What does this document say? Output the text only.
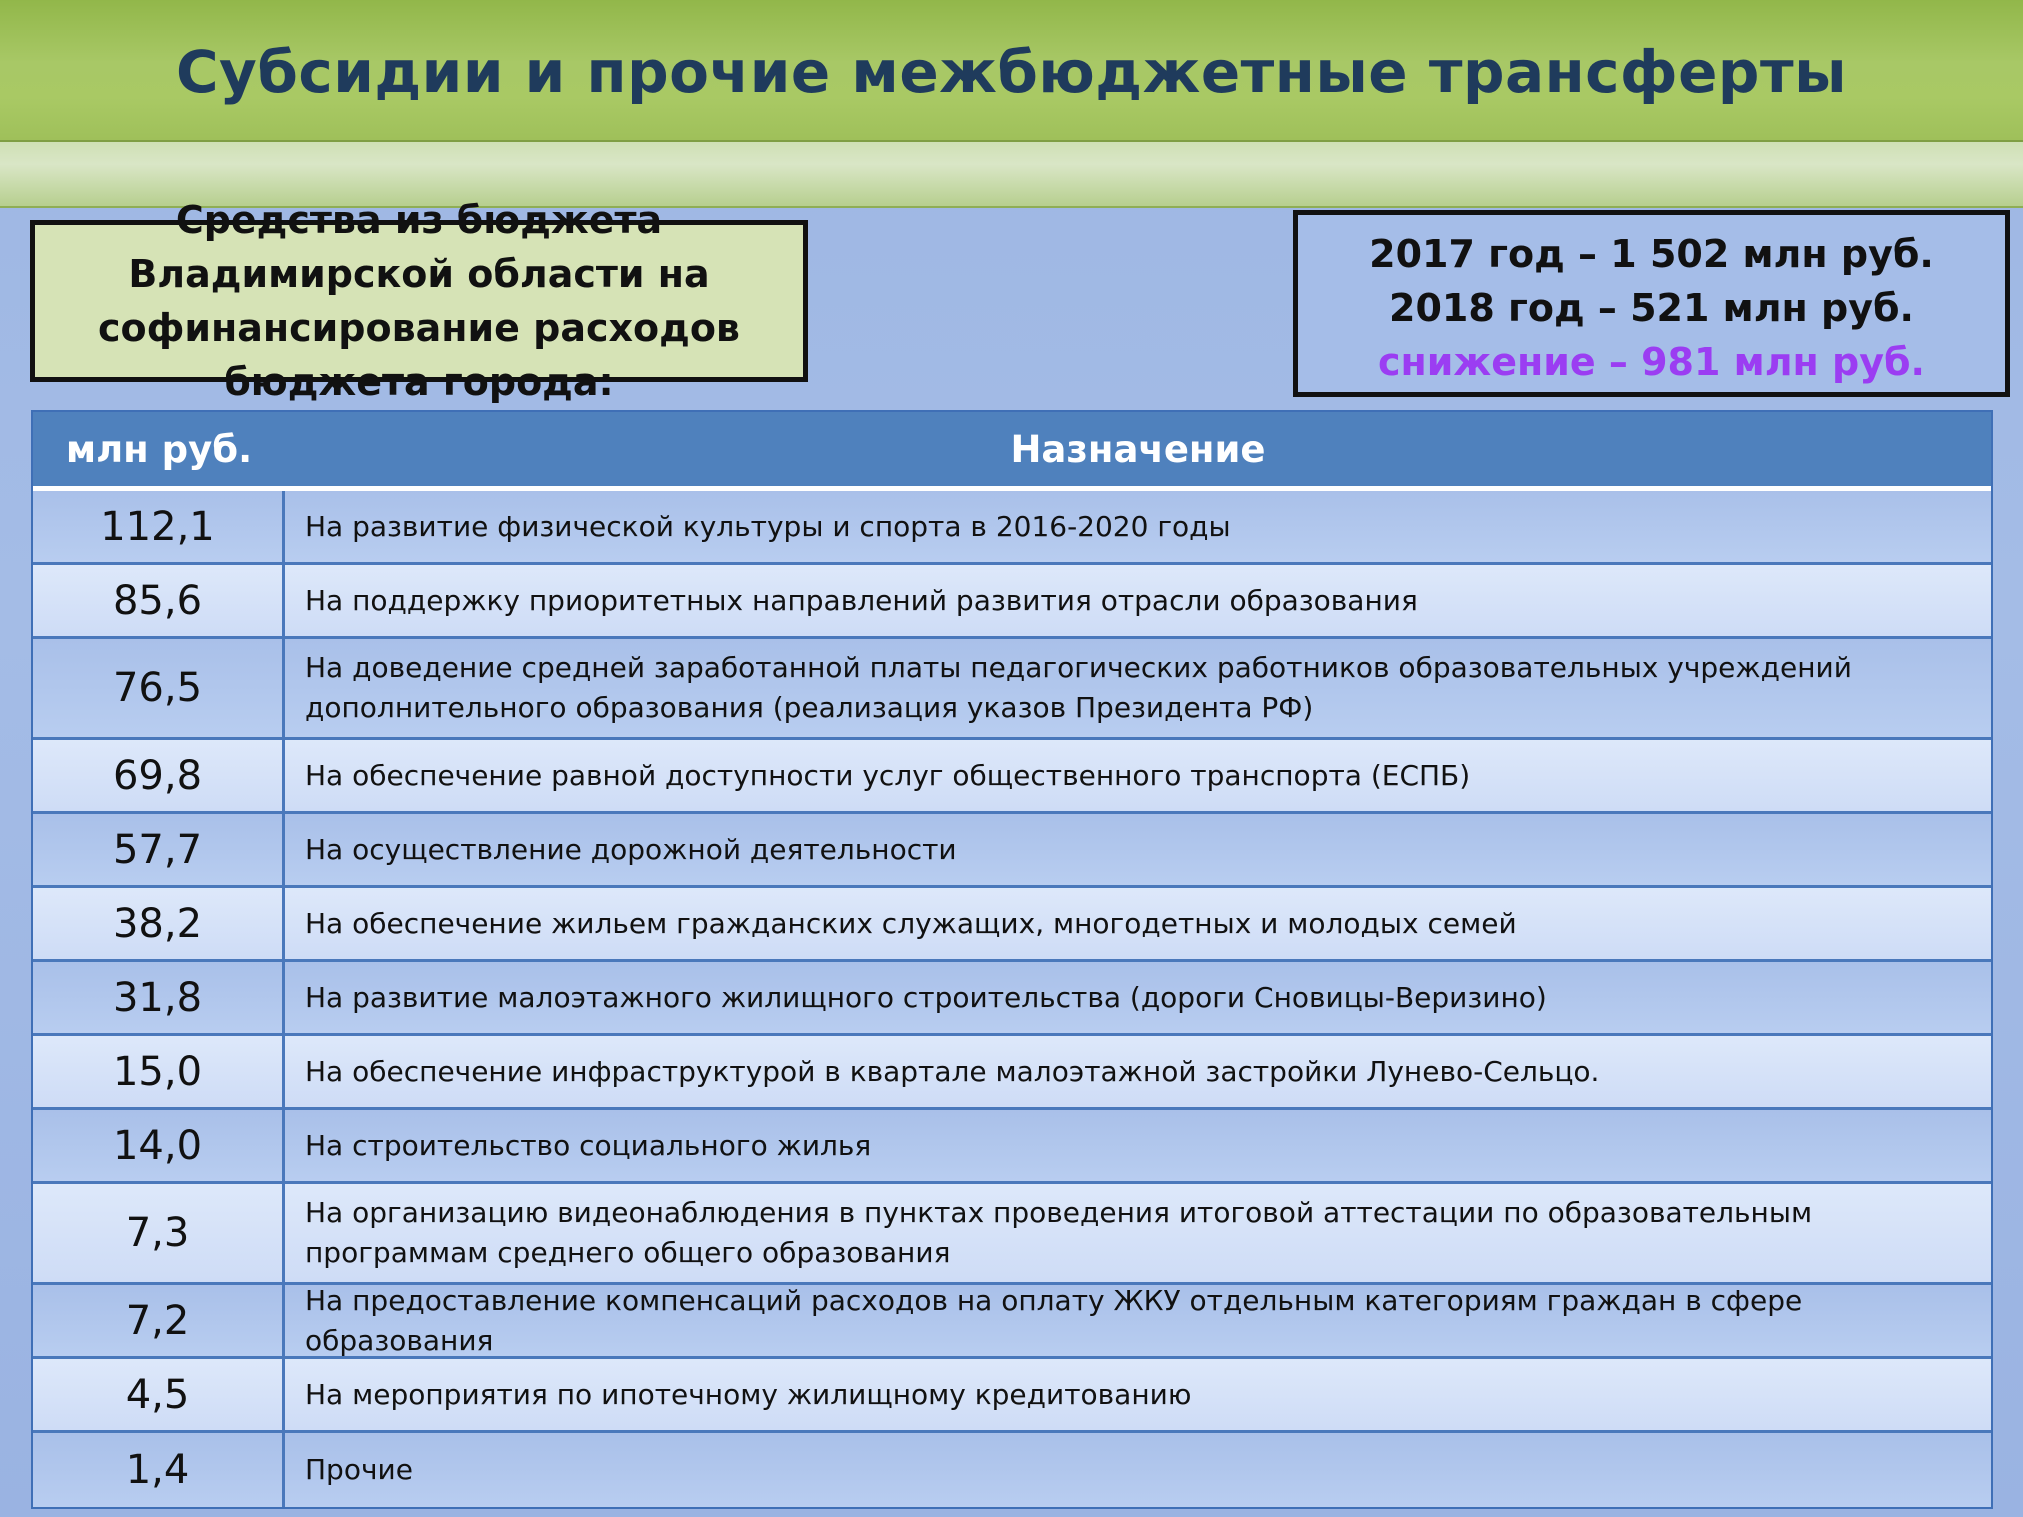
Субсидии и прочие межбюджетные трансферты
Средства из бюджета Владимирской области на софинансирование расходов бюджета города:
2017 год – 1 502 млн руб.
2018 год – 521 млн руб.
снижение – 981 млн руб.
млн руб.	Назначение
112,1	На развитие физической культуры и спорта в 2016-2020 годы
85,6	На поддержку приоритетных направлений развития отрасли образования
76,5	На доведение средней заработанной платы педагогических работников образовательных учреждений дополнительного образования (реализация указов Президента РФ)
69,8	На обеспечение равной доступности услуг общественного транспорта (ЕСПБ)
57,7	На осуществление дорожной деятельности
38,2	На обеспечение жильем гражданских служащих, многодетных и молодых семей
31,8	На развитие малоэтажного жилищного строительства (дороги Сновицы-Веризино)
15,0	На обеспечение инфраструктурой в квартале малоэтажной застройки Лунево-Сельцо.
14,0	На строительство социального жилья
7,3	На организацию видеонаблюдения в пунктах проведения итоговой аттестации по образовательным программам среднего общего образования
7,2	На предоставление компенсаций расходов на оплату ЖКУ отдельным категориям граждан в сфере образования
4,5	На мероприятия по ипотечному жилищному кредитованию
1,4	Прочие
